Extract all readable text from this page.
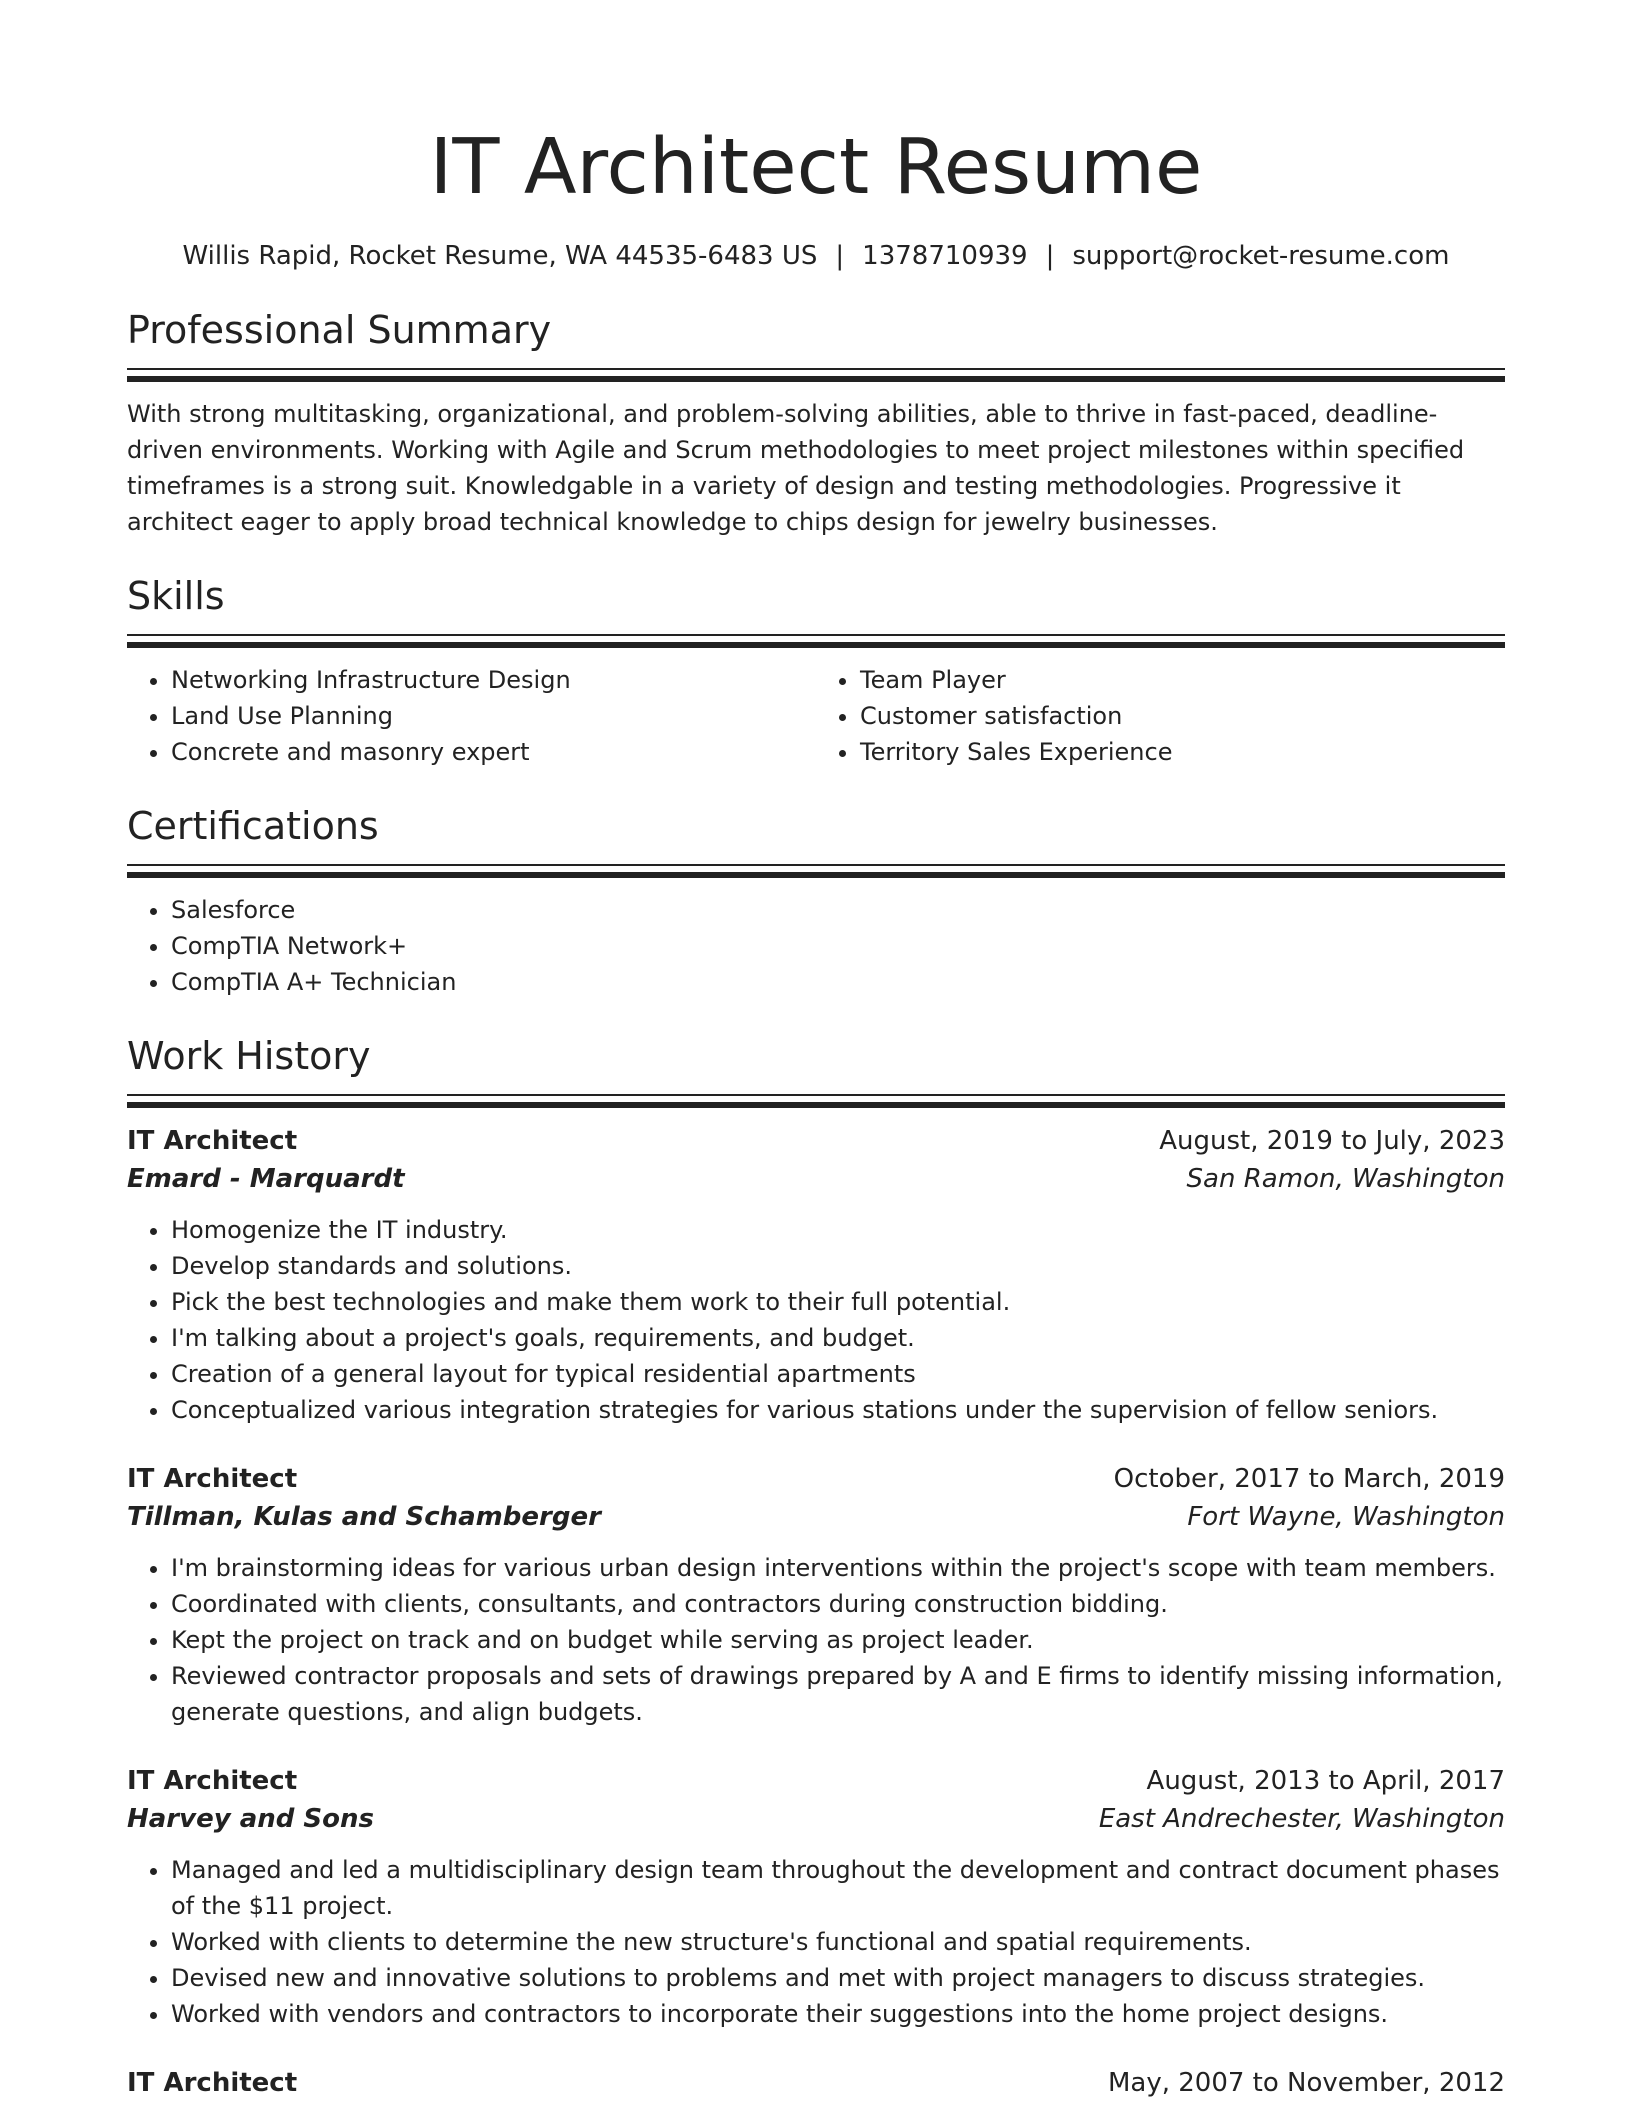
IT Architect Resume
Willis Rapid, Rocket Resume, WA 44535-6483 US | 1378710939 | support@rocket-resume.com
Professional Summary
With strong multitasking, organizational, and problem-solving abilities, able to thrive in fast-paced, deadline-driven environments. Working with Agile and Scrum methodologies to meet project milestones within specified timeframes is a strong suit. Knowledgable in a variety of design and testing methodologies. Progressive it architect eager to apply broad technical knowledge to chips design for jewelry businesses.
Skills
• Networking Infrastructure Design
• Land Use Planning
• Concrete and masonry expert
• Team Player
• Customer satisfaction
• Territory Sales Experience
Certifications
• Salesforce
• CompTIA Network+
• CompTIA A+ Technician
Work History
IT Architect	August, 2019 to July, 2023
Emard - Marquardt	San Ramon, Washington
• Homogenize the IT industry.
• Develop standards and solutions.
• Pick the best technologies and make them work to their full potential.
• I'm talking about a project's goals, requirements, and budget.
• Creation of a general layout for typical residential apartments
• Conceptualized various integration strategies for various stations under the supervision of fellow seniors.
IT Architect	October, 2017 to March, 2019
Tillman, Kulas and Schamberger	Fort Wayne, Washington
• I'm brainstorming ideas for various urban design interventions within the project's scope with team members.
• Coordinated with clients, consultants, and contractors during construction bidding.
• Kept the project on track and on budget while serving as project leader.
• Reviewed contractor proposals and sets of drawings prepared by A and E firms to identify missing information, generate questions, and align budgets.
IT Architect	August, 2013 to April, 2017
Harvey and Sons	East Andrechester, Washington
• Managed and led a multidisciplinary design team throughout the development and contract document phases of the $11 project.
• Worked with clients to determine the new structure's functional and spatial requirements.
• Devised new and innovative solutions to problems and met with project managers to discuss strategies.
• Worked with vendors and contractors to incorporate their suggestions into the home project designs.
IT Architect	May, 2007 to November, 2012
